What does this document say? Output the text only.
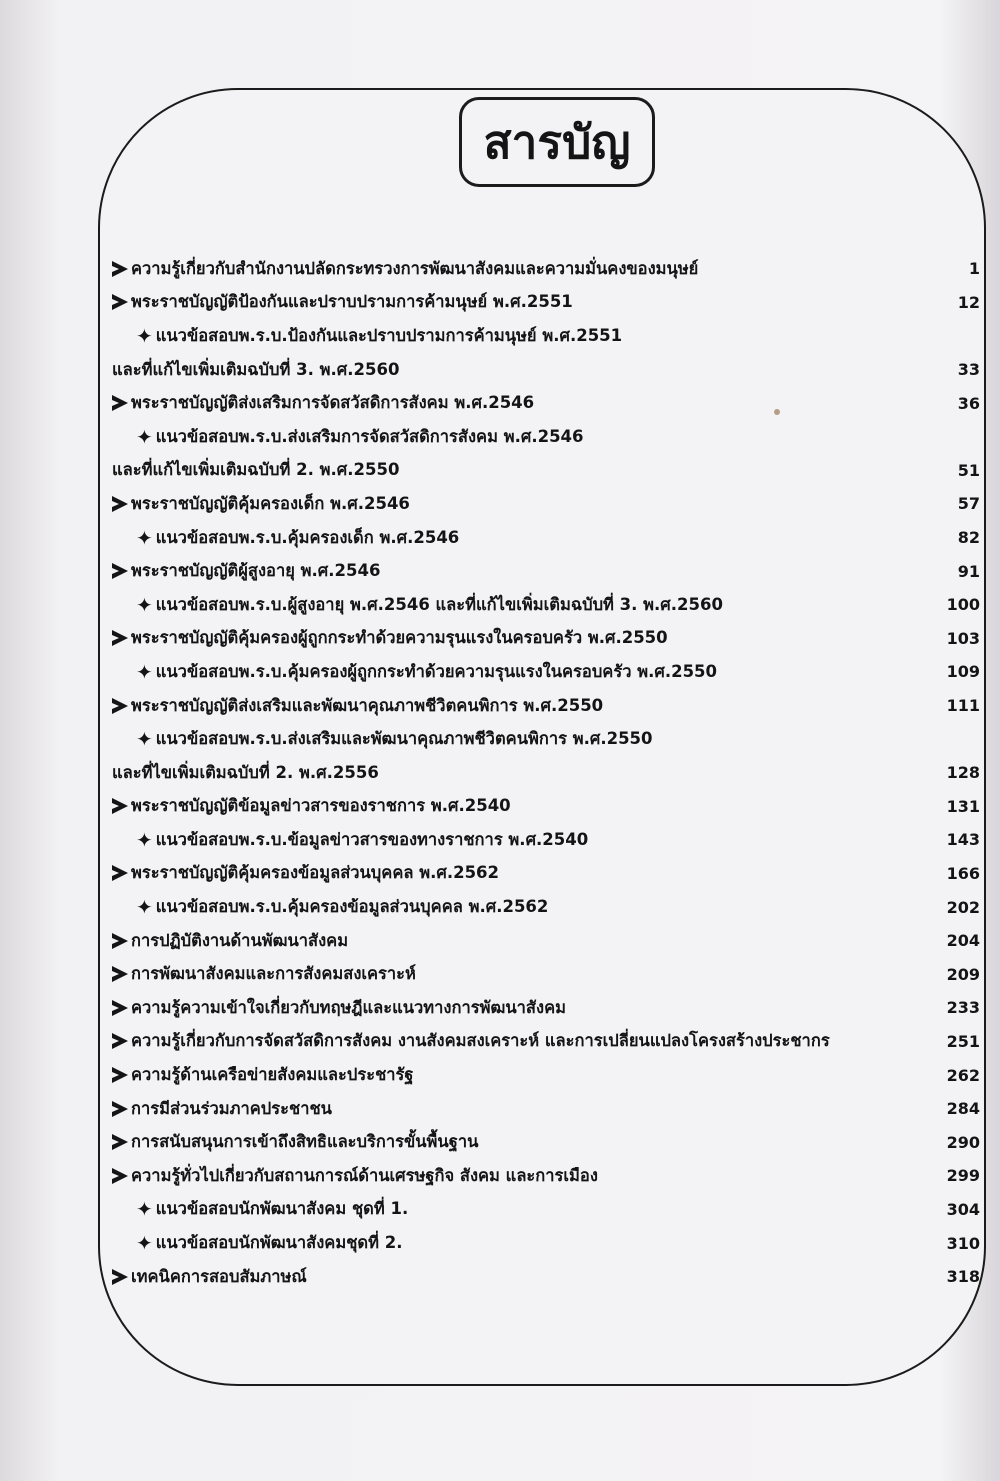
สารบัญ
ความรู้เกี่ยวกับสำนักงานปลัดกระทรวงการพัฒนาสังคมและความมั่นคงของมนุษย์	1
พระราชบัญญัติป้องกันและปราบปรามการค้ามนุษย์ พ.ศ.2551	12
✦ แนวข้อสอบพ.ร.บ.ป้องกันและปราบปรามการค้ามนุษย์ พ.ศ.2551
และที่แก้ไขเพิ่มเติมฉบับที่ 3. พ.ศ.2560	33
พระราชบัญญัติส่งเสริมการจัดสวัสดิการสังคม พ.ศ.2546	36
✦ แนวข้อสอบพ.ร.บ.ส่งเสริมการจัดสวัสดิการสังคม พ.ศ.2546
และที่แก้ไขเพิ่มเติมฉบับที่ 2. พ.ศ.2550	51
พระราชบัญญัติคุ้มครองเด็ก พ.ศ.2546	57
✦ แนวข้อสอบพ.ร.บ.คุ้มครองเด็ก พ.ศ.2546	82
พระราชบัญญัติผู้สูงอายุ พ.ศ.2546	91
✦ แนวข้อสอบพ.ร.บ.ผู้สูงอายุ พ.ศ.2546 และที่แก้ไขเพิ่มเติมฉบับที่ 3. พ.ศ.2560	100
พระราชบัญญัติคุ้มครองผู้ถูกกระทำด้วยความรุนแรงในครอบครัว พ.ศ.2550	103
✦ แนวข้อสอบพ.ร.บ.คุ้มครองผู้ถูกกระทำด้วยความรุนแรงในครอบครัว พ.ศ.2550	109
พระราชบัญญัติส่งเสริมและพัฒนาคุณภาพชีวิตคนพิการ พ.ศ.2550	111
✦ แนวข้อสอบพ.ร.บ.ส่งเสริมและพัฒนาคุณภาพชีวิตคนพิการ พ.ศ.2550
และที่ไขเพิ่มเติมฉบับที่ 2. พ.ศ.2556	128
พระราชบัญญัติข้อมูลข่าวสารของราชการ พ.ศ.2540	131
✦ แนวข้อสอบพ.ร.บ.ข้อมูลข่าวสารของทางราชการ พ.ศ.2540	143
พระราชบัญญัติคุ้มครองข้อมูลส่วนบุคคล พ.ศ.2562	166
✦ แนวข้อสอบพ.ร.บ.คุ้มครองข้อมูลส่วนบุคคล พ.ศ.2562	202
การปฏิบัติงานด้านพัฒนาสังคม	204
การพัฒนาสังคมและการสังคมสงเคราะห์	209
ความรู้ความเข้าใจเกี่ยวกับทฤษฎีและแนวทางการพัฒนาสังคม	233
ความรู้เกี่ยวกับการจัดสวัสดิการสังคม งานสังคมสงเคราะห์ และการเปลี่ยนแปลงโครงสร้างประชากร	251
ความรู้ด้านเครือข่ายสังคมและประชารัฐ	262
การมีส่วนร่วมภาคประชาชน	284
การสนับสนุนการเข้าถึงสิทธิและบริการขั้นพื้นฐาน	290
ความรู้ทั่วไปเกี่ยวกับสถานการณ์ด้านเศรษฐกิจ สังคม และการเมือง	299
✦ แนวข้อสอบนักพัฒนาสังคม ชุดที่ 1.	304
✦ แนวข้อสอบนักพัฒนาสังคมชุดที่ 2.	310
เทคนิคการสอบสัมภาษณ์	318
